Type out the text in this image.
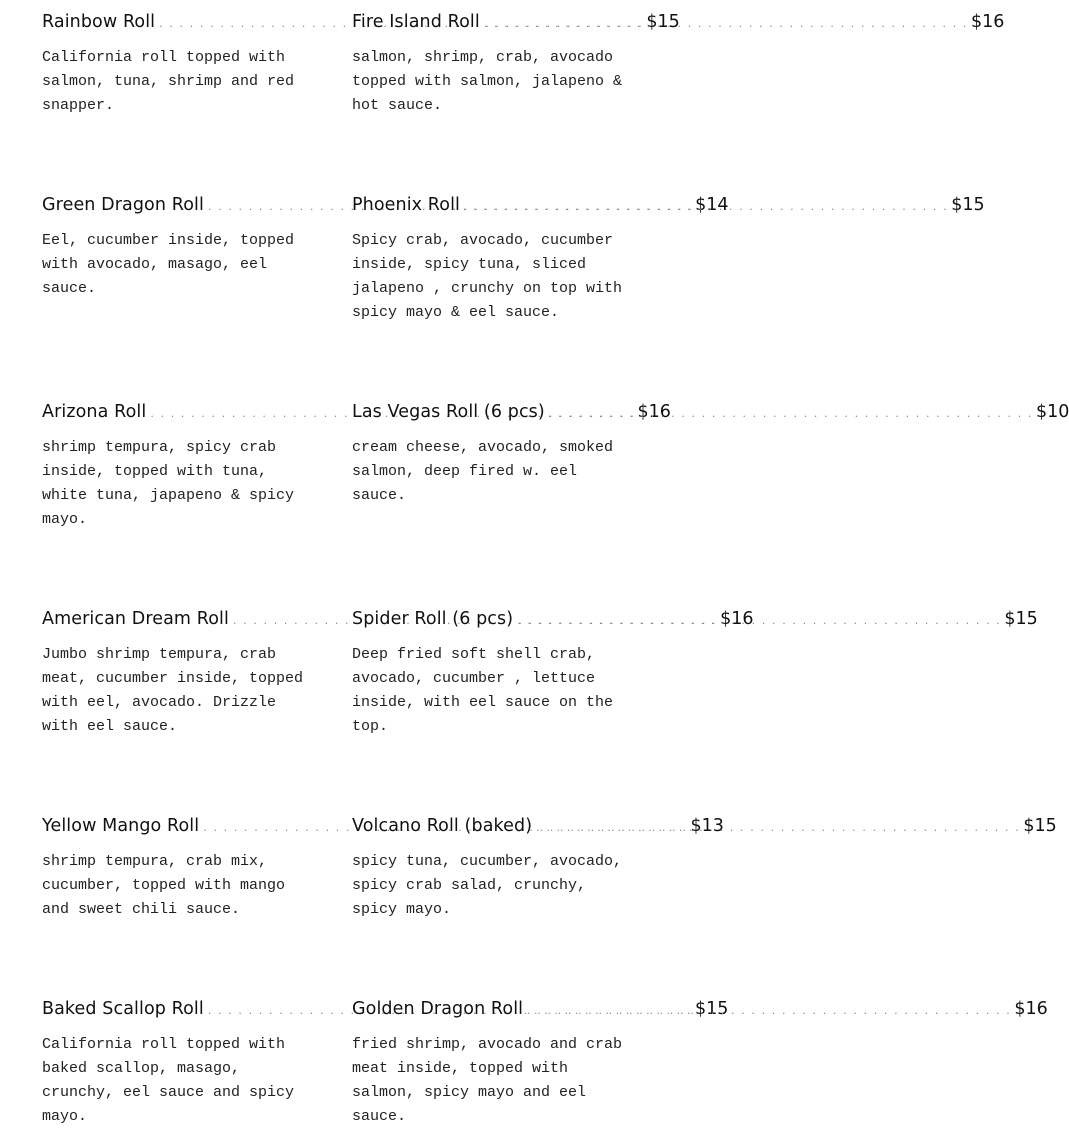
Rainbow Roll . . .	$15

California roll topped with salmon, tuna, shrimp and red snapper.

Fire Island Roll . . .	$16

salmon, shrimp, crab, avocado topped with salmon, jalapeno & hot sauce.

Green Dragon Roll . . .	$14

Eel, cucumber inside, topped with avocado, masago, eel sauce.

Phoenix Roll . . .	$15

Spicy crab, avocado, cucumber inside, spicy tuna, sliced jalapeno , crunchy on top with spicy mayo & eel sauce.

Arizona Roll . . .	$16

shrimp tempura, spicy crab inside, topped with tuna, white tuna, japapeno & spicy mayo.

Las Vegas Roll (6 pcs) . . .	$10

cream cheese, avocado, smoked salmon, deep fired w. eel sauce.

American Dream Roll . . .	$16

Jumbo shrimp tempura, crab meat, cucumber inside, topped with eel, avocado. Drizzle with eel sauce.

Spider Roll (6 pcs) . . .	$15

Deep fried soft shell crab, avocado, cucumber , lettuce inside, with eel sauce on the top.

Yellow Mango Roll . . .	$13

shrimp tempura, crab mix, cucumber, topped with mango and sweet chili sauce.

Volcano Roll (baked) . . .	$15

spicy tuna, cucumber, avocado, spicy crab salad, crunchy, spicy mayo.

Baked Scallop Roll . . .	$15

California roll topped with baked scallop, masago, crunchy, eel sauce and spicy mayo.

Golden Dragon Roll . . .	$16

fried shrimp, avocado and crab meat inside, topped with salmon, spicy mayo and eel sauce.
